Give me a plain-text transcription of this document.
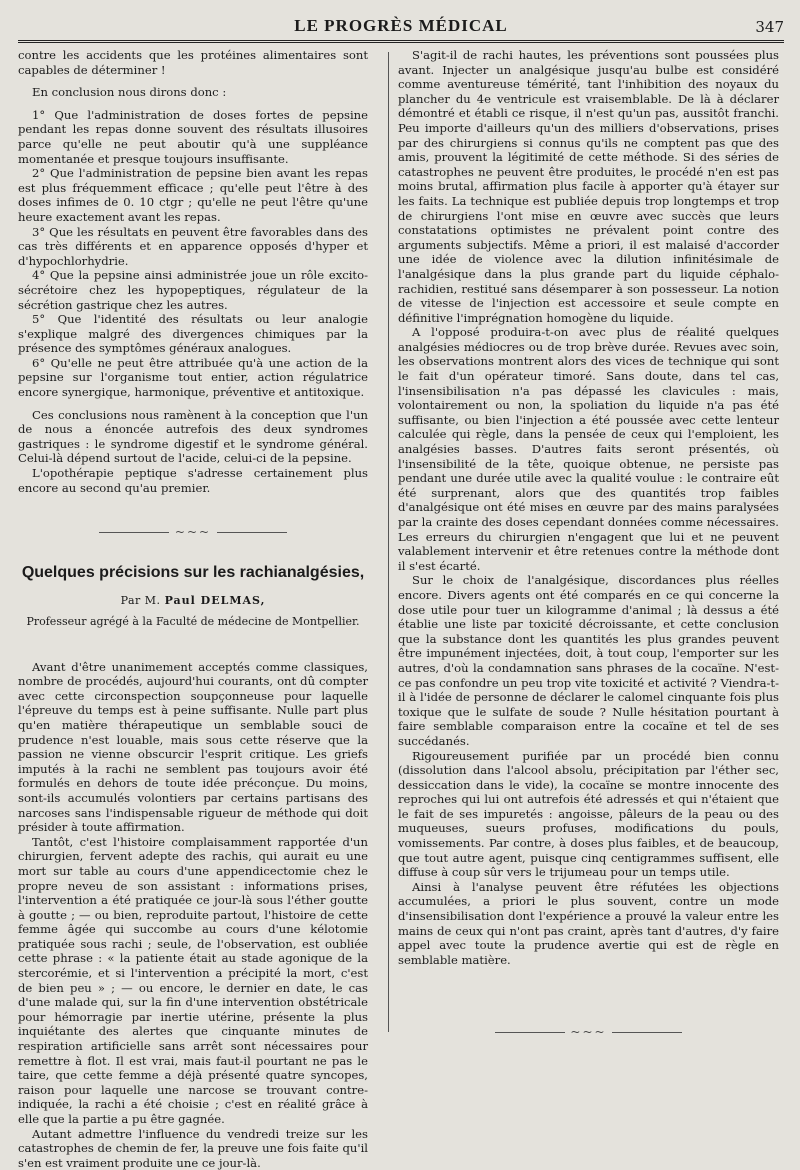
LE PROGRÈS MÉDICAL	347

contre les accidents que les protéines alimentaires sont capables de déterminer !

En conclusion nous dirons donc :

1° Que l'administration de doses fortes de pepsine pendant les repas donne souvent des résultats illusoires parce qu'elle ne peut aboutir qu'à une suppléance momentanée et presque toujours insuffisante.

2° Que l'administration de pepsine bien avant les repas est plus fréquemment efficace ; qu'elle peut l'être à des doses infimes de 0. 10 ctgr ; qu'elle ne peut l'être qu'une heure exactement avant les repas.

3° Que les résultats en peuvent être favorables dans des cas très différents et en apparence opposés d'hyper et d'hypochlorhydrie.

4° Que la pepsine ainsi administrée joue un rôle excito-sécrétoire chez les hypopeptiques, régulateur de la sécrétion gastrique chez les autres.

5° Que l'identité des résultats ou leur analogie s'explique malgré des divergences chimiques par la présence des symptômes généraux analogues.

6° Qu'elle ne peut être attribuée qu'à une action de la pepsine sur l'organisme tout entier, action régulatrice encore synergique, harmonique, préventive et antitoxique.

Ces conclusions nous ramènent à la conception que l'un de nous a énoncée autrefois des deux syndromes gastriques : le syndrome digestif et le syndrome général. Celui-là dépend surtout de l'acide, celui-ci de la pepsine.

L'opothérapie peptique s'adresse certainement plus encore au second qu'au premier.

~~~
Quelques précisions sur les rachianalgésies,
Par M. Paul DELMAS,
Professeur agrégé à la Faculté de médecine de Montpellier.

Avant d'être unanimement acceptés comme classiques, nombre de procédés, aujourd'hui courants, ont dû compter avec cette circonspection soupçonneuse pour laquelle l'épreuve du temps est à peine suffisante. Nulle part plus qu'en matière thérapeutique un semblable souci de prudence n'est louable, mais sous cette réserve que la passion ne vienne obscurcir l'esprit critique. Les griefs imputés à la rachi ne semblent pas toujours avoir été formulés en dehors de toute idée préconçue. Du moins, sont-ils accumulés volontiers par certains partisans des narcoses sans l'indispensable rigueur de méthode qui doit présider à toute affirmation.

Tantôt, c'est l'histoire complaisamment rapportée d'un chirurgien, fervent adepte des rachis, qui aurait eu une mort sur table au cours d'une appendicectomie chez le propre neveu de son assistant : informations prises, l'intervention a été pratiquée ce jour-là sous l'éther goutte à goutte ; — ou bien, reproduite partout, l'histoire de cette femme âgée qui succombe au cours d'une kélotomie pratiquée sous rachi ; seule, de l'observation, est oubliée cette phrase : « la patiente était au stade agonique de la stercorémie, et si l'intervention a précipité la mort, c'est de bien peu » ; — ou encore, le dernier en date, le cas d'une malade qui, sur la fin d'une intervention obstétricale pour hémorragie par inertie utérine, présente la plus inquiétante des alertes que cinquante minutes de respiration artificielle sans arrêt sont nécessaires pour remettre à flot. Il est vrai, mais faut-il pourtant ne pas le taire, que cette femme a déjà présenté quatre syncopes, raison pour laquelle une narcose se trouvant contre-indiquée, la rachi a été choisie ; c'est en réalité grâce à elle que la partie a pu être gagnée.

Autant admettre l'influence du vendredi treize sur les catastrophes de chemin de fer, la preuve une fois faite qu'il s'en est vraiment produite une ce jour-là.

S'agit-il de rachi hautes, les préventions sont poussées plus avant. Injecter un analgésique jusqu'au bulbe est considéré comme aventureuse témérité, tant l'inhibition des noyaux du plancher du 4e ventricule est vraisemblable. De là à déclarer démontré et établi ce risque, il n'est qu'un pas, aussitôt franchi. Peu importe d'ailleurs qu'un des milliers d'observations, prises par des chirurgiens si connus qu'ils ne comptent pas que des amis, prouvent la légitimité de cette méthode. Si des séries de catastrophes ne peuvent être produites, le procédé n'en est pas moins brutal, affirmation plus facile à apporter qu'à étayer sur les faits. La technique est publiée depuis trop longtemps et trop de chirurgiens l'ont mise en œuvre avec succès que leurs constatations optimistes ne prévalent point contre des arguments subjectifs. Même a priori, il est malaisé d'accorder une idée de violence avec la dilution infinitésimale de l'analgésique dans la plus grande part du liquide céphalo-rachidien, restitué sans désemparer à son possesseur. La notion de vitesse de l'injection est accessoire et seule compte en définitive l'imprégnation homogène du liquide.

A l'opposé produira-t-on avec plus de réalité quelques analgésies médiocres ou de trop brève durée. Revues avec soin, les observations montrent alors des vices de technique qui sont le fait d'un opérateur timoré. Sans doute, dans tel cas, l'insensibilisation n'a pas dépassé les clavicules : mais, volontairement ou non, la spoliation du liquide n'a pas été suffisante, ou bien l'injection a été poussée avec cette lenteur calculée qui règle, dans la pensée de ceux qui l'emploient, les analgésies basses. D'autres faits seront présentés, où l'insensibilité de la tête, quoique obtenue, ne persiste pas pendant une durée utile avec la qualité voulue : le contraire eût été surprenant, alors que des quantités trop faibles d'analgésique ont été mises en œuvre par des mains paralysées par la crainte des doses cependant données comme nécessaires. Les erreurs du chirurgien n'engagent que lui et ne peuvent valablement intervenir et être retenues contre la méthode dont il s'est écarté.

Sur le choix de l'analgésique, discordances plus réelles encore. Divers agents ont été comparés en ce qui concerne la dose utile pour tuer un kilogramme d'animal ; là dessus a été établie une liste par toxicité décroissante, et cette conclusion que la substance dont les quantités les plus grandes peuvent être impunément injectées, doit, à tout coup, l'emporter sur les autres, d'où la condamnation sans phrases de la cocaïne. N'est-ce pas confondre un peu trop vite toxicité et activité ? Viendra-t-il à l'idée de personne de déclarer le calomel cinquante fois plus toxique que le sulfate de soude ? Nulle hésitation pourtant à faire semblable comparaison entre la cocaïne et tel de ses succédanés.

Rigoureusement purifiée par un procédé bien connu (dissolution dans l'alcool absolu, précipitation par l'éther sec, dessiccation dans le vide), la cocaïne se montre innocente des reproches qui lui ont autrefois été adressés et qui n'étaient que le fait de ses impuretés : angoisse, pâleurs de la peau ou des muqueuses, sueurs profuses, modifications du pouls, vomissements. Par contre, à doses plus faibles, et de beaucoup, que tout autre agent, puisque cinq centigrammes suffisent, elle diffuse à coup sûr vers le trijumeau pour un temps utile.

Ainsi à l'analyse peuvent être réfutées les objections accumulées, a priori le plus souvent, contre un mode d'insensibilisation dont l'expérience a prouvé la valeur entre les mains de ceux qui n'ont pas craint, après tant d'autres, d'y faire appel avec toute la prudence avertie qui est de règle en semblable matière.

~~~
